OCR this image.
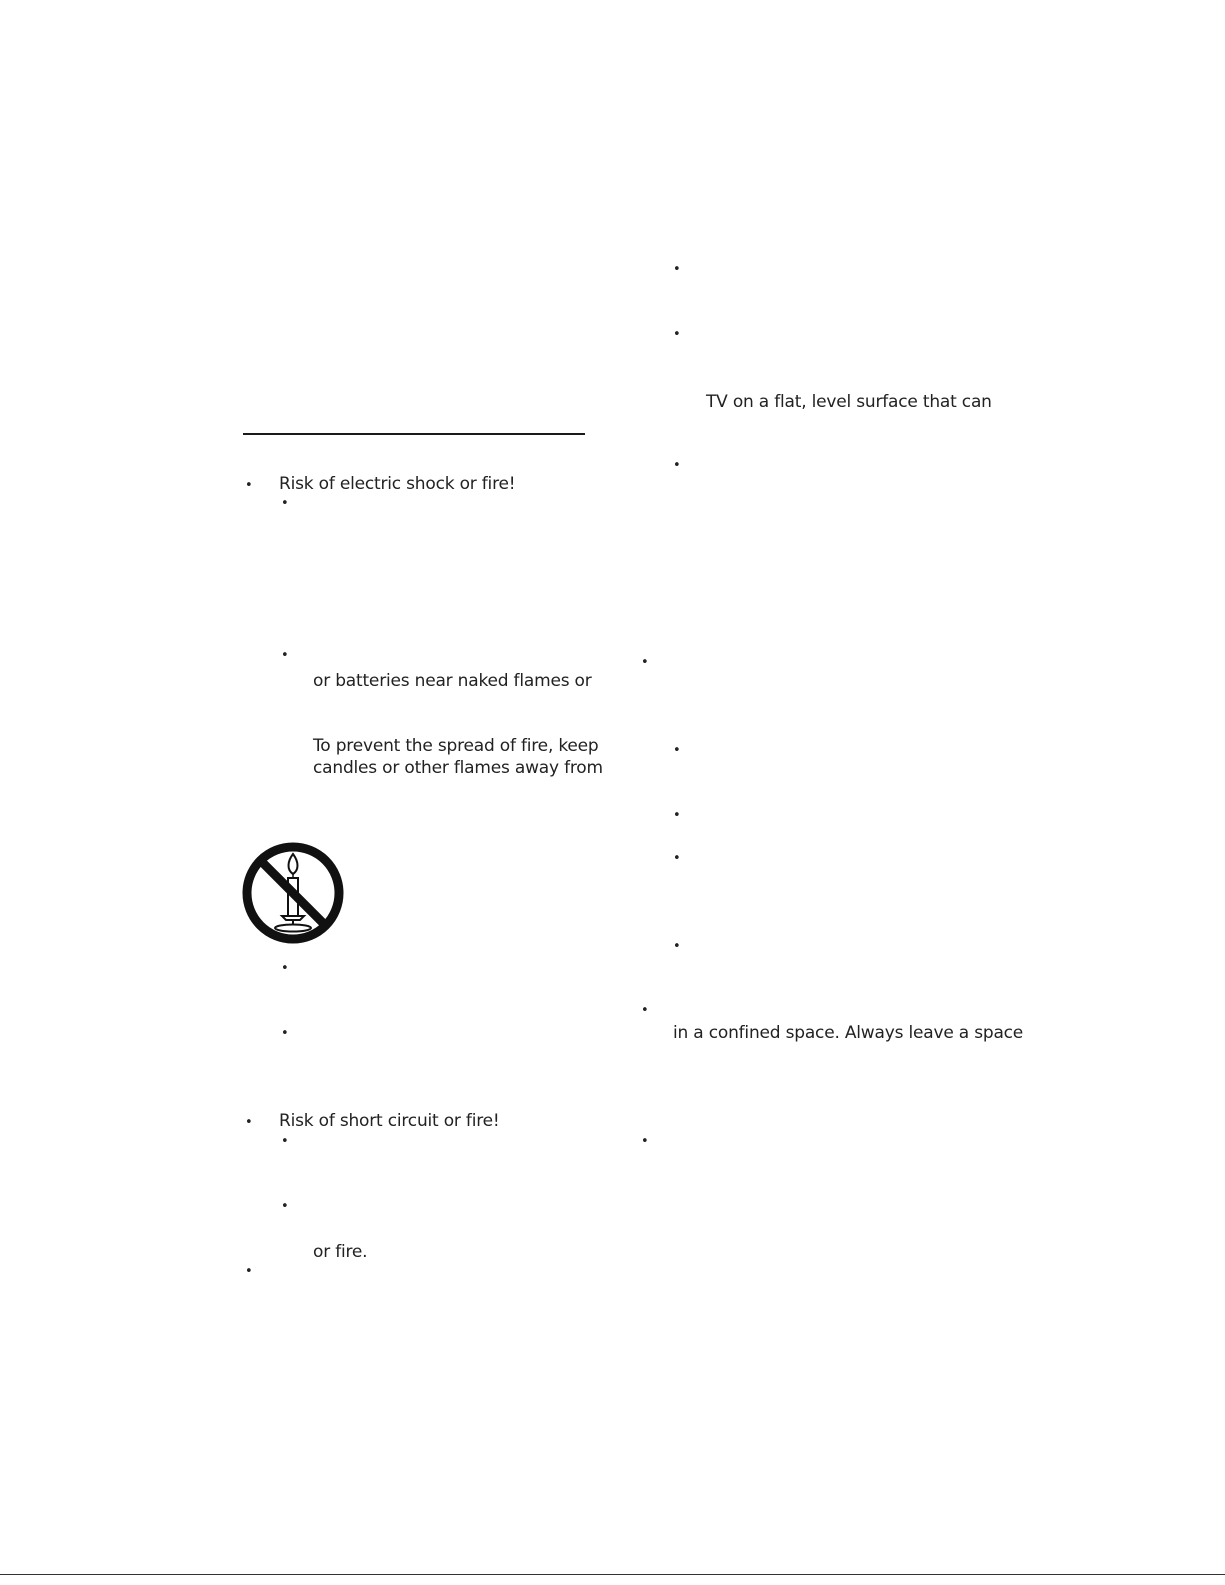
• Risk of electric shock or fire!
•
•
or batteries near naked flames or
To prevent the spread of fire, keep
candles or other flames away from
•
•
• Risk of short circuit or fire!
•
•
or fire.
•
•
•
TV on a flat, level surface that can
•
•
•
•
•
•
•
in a confined space. Always leave a space
•
